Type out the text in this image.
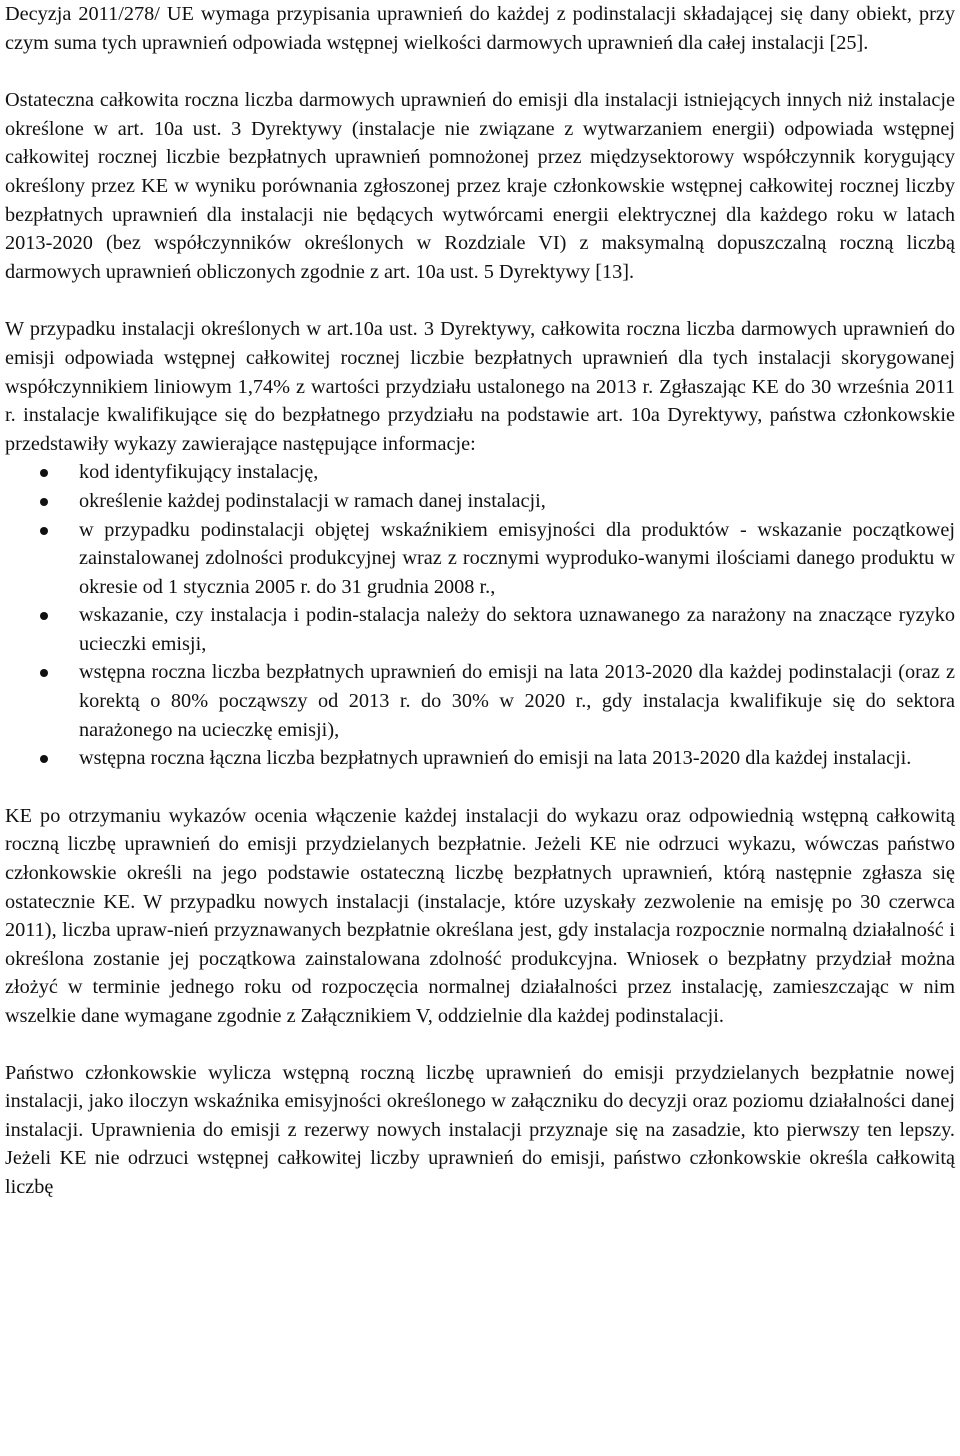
Decyzja 2011/278/ UE wymaga przypisania uprawnień do każdej z podinstalacji składającej się dany obiekt, przy czym suma tych uprawnień odpowiada wstępnej wielkości darmowych uprawnień dla całej instalacji [25].

Ostateczna całkowita roczna liczba darmowych uprawnień do emisji dla instalacji istniejących innych niż instalacje określone w art. 10a ust. 3 Dyrektywy (instalacje nie związane z wytwarzaniem energii) odpowiada wstępnej całkowitej rocznej liczbie bezpłatnych uprawnień pomnożonej przez międzysektorowy współczynnik korygujący określony przez KE w wyniku porównania zgłoszonej przez kraje członkowskie wstępnej całkowitej rocznej liczby bezpłatnych uprawnień dla instalacji nie będących wytwórcami energii elektrycznej dla każdego roku w latach 2013-2020 (bez współczynników określonych w Rozdziale VI) z maksymalną dopuszczalną roczną liczbą darmowych uprawnień obliczonych zgodnie z art. 10a ust. 5 Dyrektywy [13].

W przypadku instalacji określonych w art.10a ust. 3 Dyrektywy, całkowita roczna liczba darmowych uprawnień do emisji odpowiada wstępnej całkowitej rocznej liczbie bezpłatnych uprawnień dla tych instalacji skorygowanej współczynnikiem liniowym 1,74% z wartości przydziału ustalonego na 2013 r. Zgłaszając KE do 30 września 2011 r. instalacje kwalifikujące się do bezpłatnego przydziału na podstawie art. 10a Dyrektywy, państwa członkowskie przedstawiły wykazy zawierające następujące informacje:

kod identyfikujący instalację,
określenie każdej podinstalacji w ramach danej instalacji,
w przypadku podinstalacji objętej wskaźnikiem emisyjności dla produktów - wskazanie początkowej zainstalowanej zdolności produkcyjnej wraz z rocznymi wyproduko-wanymi ilościami danego produktu w okresie od 1 stycznia 2005 r. do 31 grudnia 2008 r.,
wskazanie, czy instalacja i podin-stalacja należy do sektora uznawanego za narażony na znaczące ryzyko ucieczki emisji,
wstępna roczna liczba bezpłatnych uprawnień do emisji na lata 2013-2020 dla każdej podinstalacji (oraz z korektą o 80% począwszy od 2013 r. do 30% w 2020 r., gdy instalacja kwalifikuje się do sektora narażonego na ucieczkę emisji),
wstępna roczna łączna liczba bezpłatnych uprawnień do emisji na lata 2013-2020 dla każdej instalacji.

KE po otrzymaniu wykazów ocenia włączenie każdej instalacji do wykazu oraz odpowiednią wstępną całkowitą roczną liczbę uprawnień do emisji przydzielanych bezpłatnie. Jeżeli KE nie odrzuci wykazu, wówczas państwo członkowskie określi na jego podstawie ostateczną liczbę bezpłatnych uprawnień, którą następnie zgłasza się ostatecznie KE. W przypadku nowych instalacji (instalacje, które uzyskały zezwolenie na emisję po 30 czerwca 2011), liczba upraw-nień przyznawanych bezpłatnie określana jest, gdy instalacja rozpocznie normalną działalność i określona zostanie jej początkowa zainstalowana zdolność produkcyjna. Wniosek o bezpłatny przydział można złożyć w terminie jednego roku od rozpoczęcia normalnej działalności przez instalację, zamieszczając w nim wszelkie dane wymagane zgodnie z Załącznikiem V, oddzielnie dla każdej podinstalacji.

Państwo członkowskie wylicza wstępną roczną liczbę uprawnień do emisji przydzielanych bezpłatnie nowej instalacji, jako iloczyn wskaźnika emisyjności określonego w załączniku do decyzji oraz poziomu działalności danej instalacji. Uprawnienia do emisji z rezerwy nowych instalacji przyznaje się na zasadzie, kto pierwszy ten lepszy. Jeżeli KE nie odrzuci wstępnej całkowitej liczby uprawnień do emisji, państwo członkowskie określa całkowitą liczbę
